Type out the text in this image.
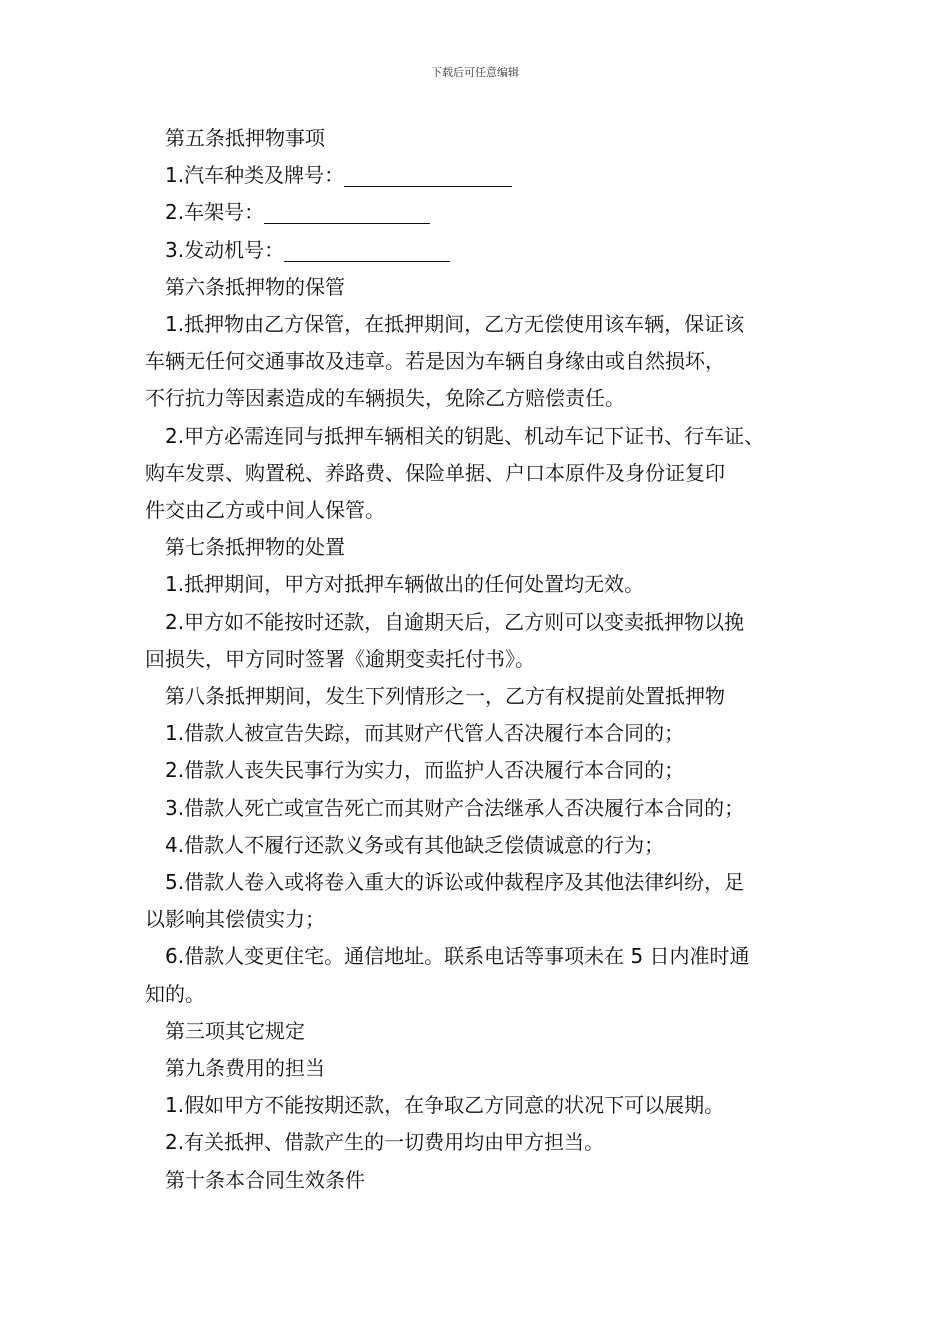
下载后可任意编辑
第五条抵押物事项
1.汽车种类及牌号：
2.车架号：
3.发动机号：
第六条抵押物的保管
1.抵押物由乙方保管，在抵押期间，乙方无偿使用该车辆，保证该
车辆无任何交通事故及违章。若是因为车辆自身缘由或自然损坏，
不行抗力等因素造成的车辆损失，免除乙方赔偿责任。
2.甲方必需连同与抵押车辆相关的钥匙、机动车记下证书、行车证、
购车发票、购置税、养路费、保险单据、户口本原件及身份证复印
件交由乙方或中间人保管。
第七条抵押物的处置
1.抵押期间，甲方对抵押车辆做出的任何处置均无效。
2.甲方如不能按时还款，自逾期天后，乙方则可以变卖抵押物以挽
回损失，甲方同时签署《逾期变卖托付书》。
第八条抵押期间，发生下列情形之一，乙方有权提前处置抵押物
1.借款人被宣告失踪，而其财产代管人否决履行本合同的；
2.借款人丧失民事行为实力，而监护人否决履行本合同的；
3.借款人死亡或宣告死亡而其财产合法继承人否决履行本合同的；
4.借款人不履行还款义务或有其他缺乏偿债诚意的行为；
5.借款人卷入或将卷入重大的诉讼或仲裁程序及其他法律纠纷，足
以影响其偿债实力；
6.借款人变更住宅。通信地址。联系电话等事项未在 5 日内准时通
知的。
第三项其它规定
第九条费用的担当
1.假如甲方不能按期还款，在争取乙方同意的状况下可以展期。
2.有关抵押、借款产生的一切费用均由甲方担当。
第十条本合同生效条件
